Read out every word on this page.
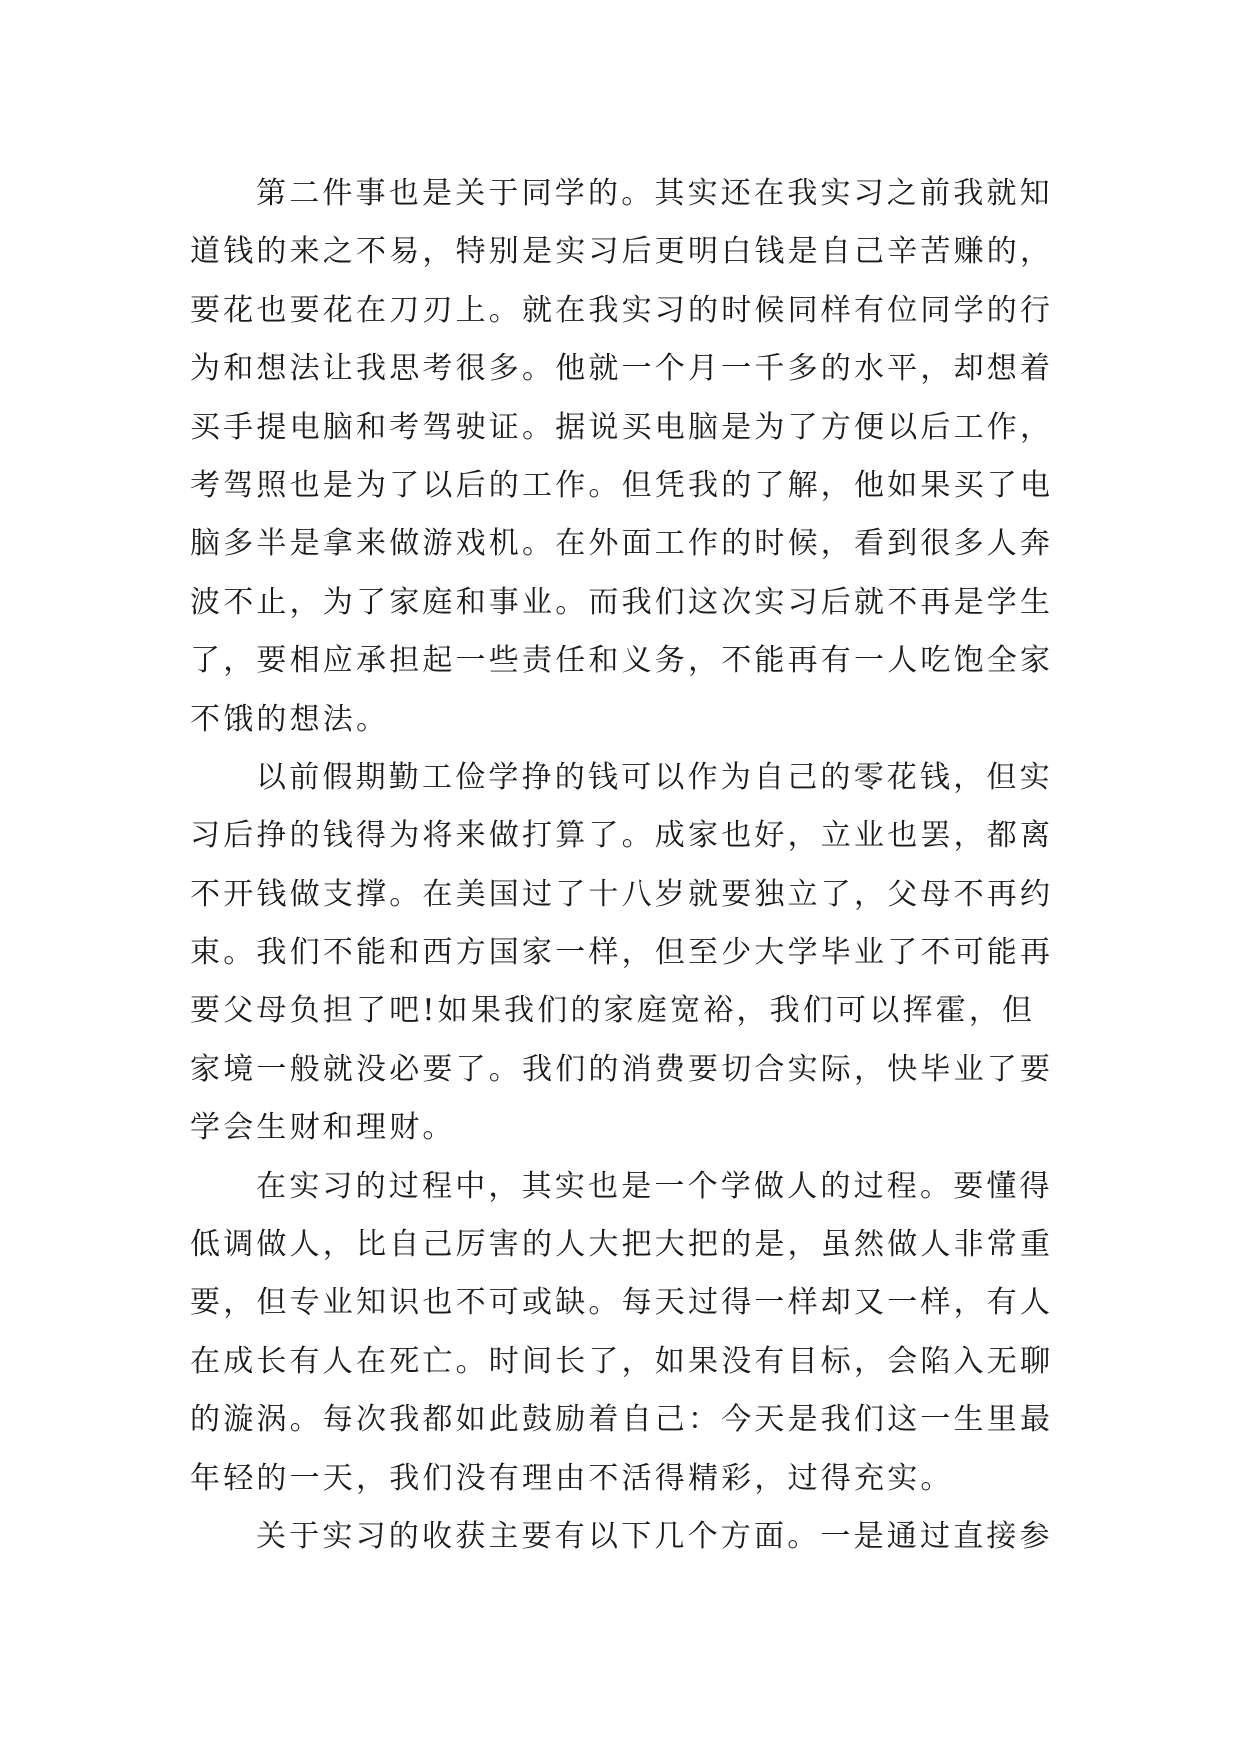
第二件事也是关于同学的。其实还在我实习之前我就知
道钱的来之不易，特别是实习后更明白钱是自己辛苦赚的，
要花也要花在刀刃上。就在我实习的时候同样有位同学的行
为和想法让我思考很多。他就一个月一千多的水平，却想着
买手提电脑和考驾驶证。据说买电脑是为了方便以后工作，
考驾照也是为了以后的工作。但凭我的了解，他如果买了电
脑多半是拿来做游戏机。在外面工作的时候，看到很多人奔
波不止，为了家庭和事业。而我们这次实习后就不再是学生
了，要相应承担起一些责任和义务，不能再有一人吃饱全家
不饿的想法。
以前假期勤工俭学挣的钱可以作为自己的零花钱，但实
习后挣的钱得为将来做打算了。成家也好，立业也罢，都离
不开钱做支撑。在美国过了十八岁就要独立了，父母不再约
束。我们不能和西方国家一样，但至少大学毕业了不可能再
要父母负担了吧!如果我们的家庭宽裕，我们可以挥霍，但
家境一般就没必要了。我们的消费要切合实际，快毕业了要
学会生财和理财。
在实习的过程中，其实也是一个学做人的过程。要懂得
低调做人，比自己厉害的人大把大把的是，虽然做人非常重
要，但专业知识也不可或缺。每天过得一样却又一样，有人
在成长有人在死亡。时间长了，如果没有目标，会陷入无聊
的漩涡。每次我都如此鼓励着自己：今天是我们这一生里最
年轻的一天，我们没有理由不活得精彩，过得充实。
关于实习的收获主要有以下几个方面。一是通过直接参
